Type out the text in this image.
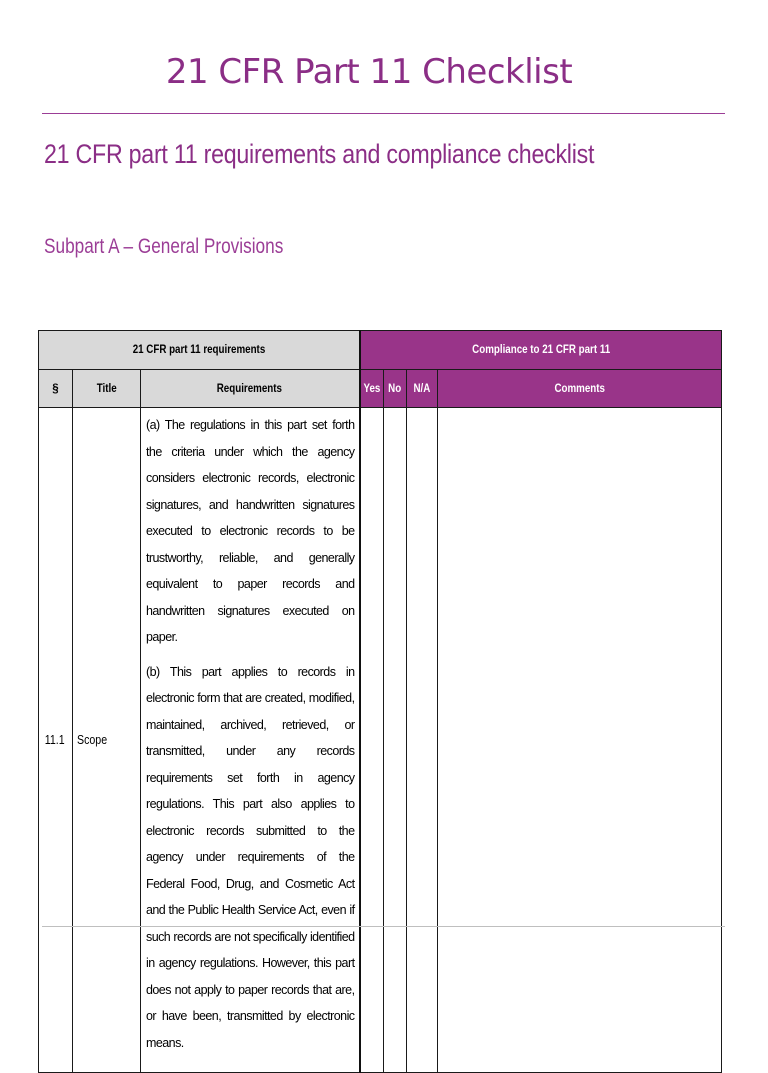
21 CFR Part 11 Checklist
21 CFR part 11 requirements and compliance checklist
Subpart A – General Provisions
21 CFR part 11 requirements			Compliance to 21 CFR part 11			
§	Title	Requirements	Yes	No	N/A	Comments
11.1	Scope	(a) The regulations in this part set forth the criteria under which the agency considers electronic records, electronic signatures, and handwritten signatures executed to electronic records to be trustworthy, reliable, and generally equivalent to paper records and handwritten signatures executed on paper.

(b) This part applies to records in electronic form that are created, modified, maintained, archived, retrieved, or transmitted, under any records requirements set forth in agency regulations. This part also applies to electronic records submitted to the agency under requirements of the Federal Food, Drug, and Cosmetic Act and the Public Health Service Act, even if such records are not specifically identified in agency regulations. However, this part does not apply to paper records that are, or have been, transmitted by electronic means.				
